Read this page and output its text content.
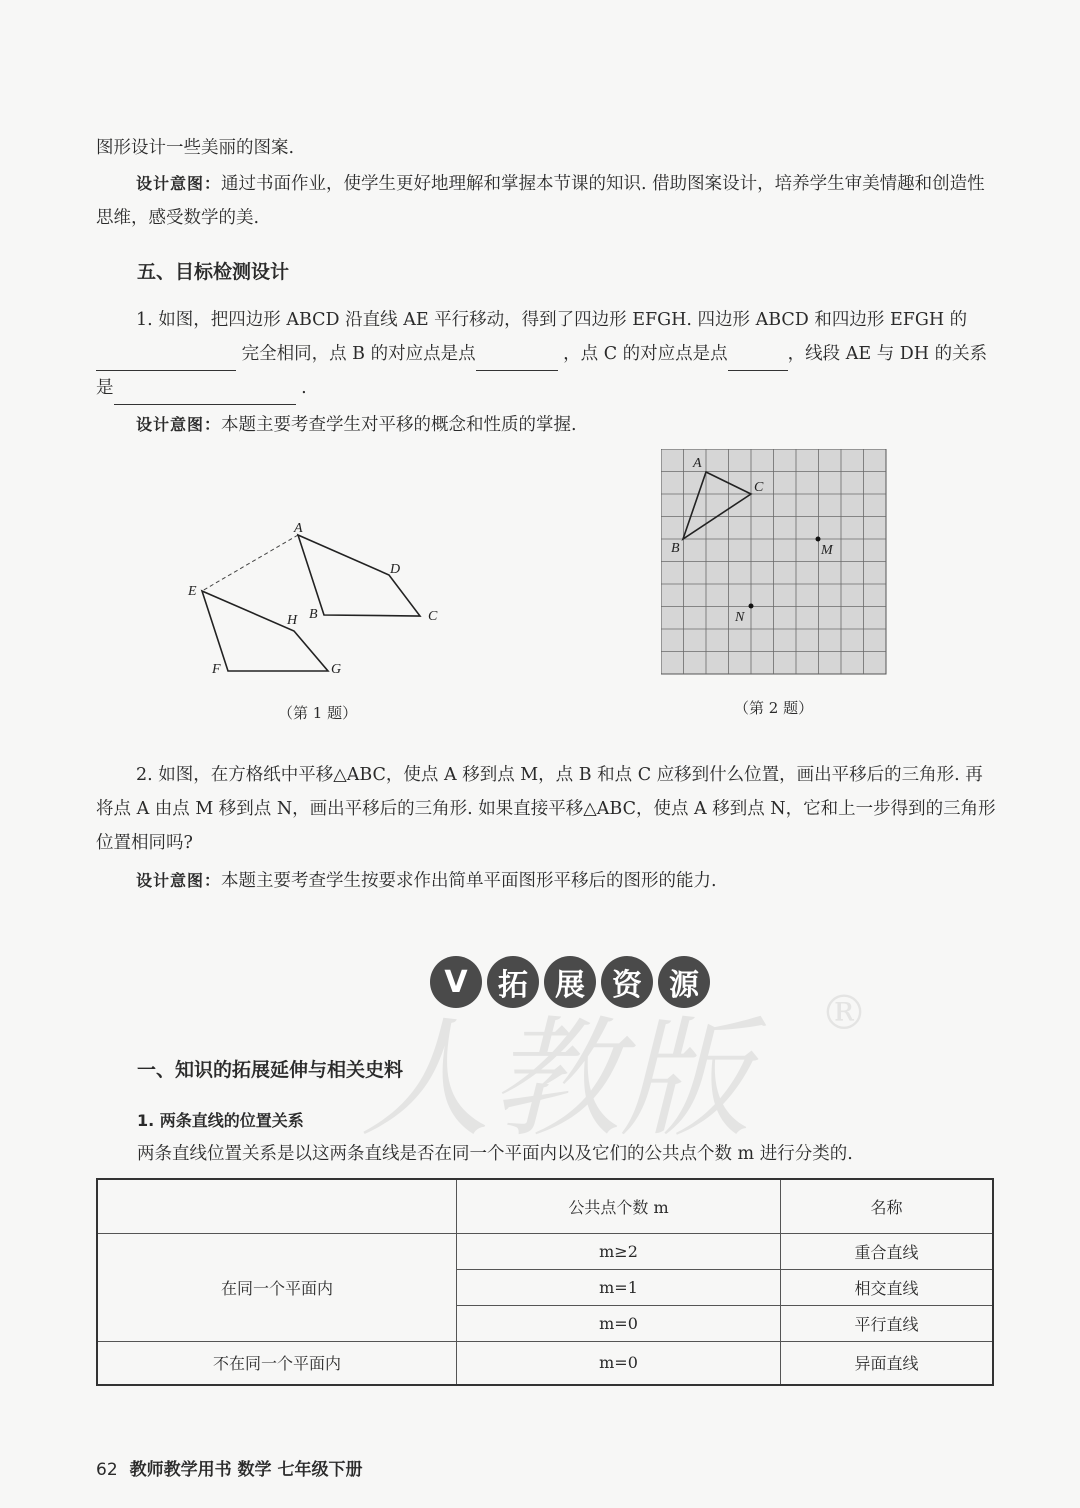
图形设计一些美丽的图案.

设计意图：通过书面作业，使学生更好地理解和掌握本节课的知识. 借助图案设计，培养学生审美情趣和创造性思维，感受数学的美.

五、目标检测设计

1. 如图，把四边形 ABCD 沿直线 AE 平行移动，得到了四边形 EFGH. 四边形 ABCD 和四边形 EFGH 的 完全相同，点 B 的对应点是点	，点 C 的对应点是点	，线段 AE 与 DH 的关系是	.

设计意图：本题主要考查学生对平移的概念和性质的掌握.

A
D
C
B
E
H
F	G
（第 1 题）
A
C
B	M
N
（第 2 题）

2. 如图，在方格纸中平移△ABC，使点 A 移到点 M，点 B 和点 C 应移到什么位置，画出平移后的三角形. 再将点 A 由点 M 移到点 N，画出平移后的三角形. 如果直接平移△ABC，使点 A 移到点 N，它和上一步得到的三角形位置相同吗?

设计意图：本题主要考查学生按要求作出简单平面图形平移后的图形的能力.

人教版 ®
V	拓 展 资 源
一、知识的拓展延伸与相关史料
1. 两条直线的位置关系

两条直线位置关系是以这两条直线是否在同一个平面内以及它们的公共点个数 m 进行分类的.

	公共点个数 m	名称
在同一个平面内	m≥2	重合直线
	m=1	相交直线
	m=0	平行直线
不在同一个平面内	m=0	异面直线
62 教师教学用书 数学 七年级下册
